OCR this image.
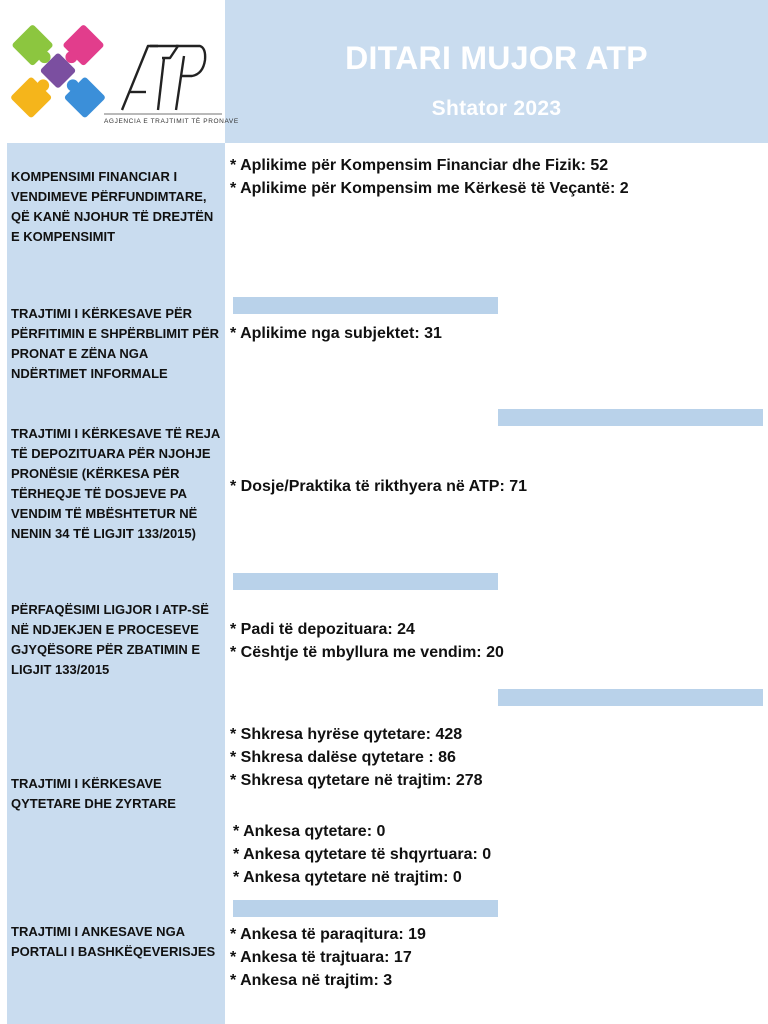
AGJENCIA E TRAJTIMIT TË PRONAVE
DITARI MUJOR ATP
Shtator 2023
KOMPENSIMI FINANCIAR I VENDIMEVE PËRFUNDIMTARE, QË KANË NJOHUR TË DREJTËN E KOMPENSIMIT
* Aplikime për Kompensim Financiar dhe Fizik: 52
* Aplikime për Kompensim me Kërkesë të Veçantë: 2
TRAJTIMI I KËRKESAVE PËR PËRFITIMIN E SHPËRBLIMIT PËR PRONAT E ZËNA NGA NDËRTIMET INFORMALE
* Aplikime nga subjektet: 31
TRAJTIMI I KËRKESAVE TË REJA TË DEPOZITUARA PËR NJOHJE PRONËSIE (KËRKESA PËR TËRHEQJE TË DOSJEVE PA VENDIM TË MBËSHTETUR NË NENIN 34 TË LIGJIT 133/2015)
* Dosje/Praktika të rikthyera në ATP: 71
PËRFAQËSIMI LIGJOR I ATP-SË NË NDJEKJEN E PROCESEVE GJYQËSORE PËR ZBATIMIN E LIGJIT 133/2015
* Padi të depozituara: 24
* Cështje të mbyllura me vendim: 20
TRAJTIMI I KËRKESAVE QYTETARE DHE ZYRTARE
* Shkresa hyrëse qytetare: 428
* Shkresa dalëse qytetare : 86
* Shkresa qytetare në trajtim: 278
* Ankesa qytetare: 0
* Ankesa qytetare të shqyrtuara: 0
* Ankesa qytetare në trajtim: 0
TRAJTIMI I ANKESAVE NGA PORTALI I BASHKËQEVERISJES
* Ankesa të paraqitura: 19
* Ankesa të trajtuara: 17
* Ankesa në trajtim: 3
